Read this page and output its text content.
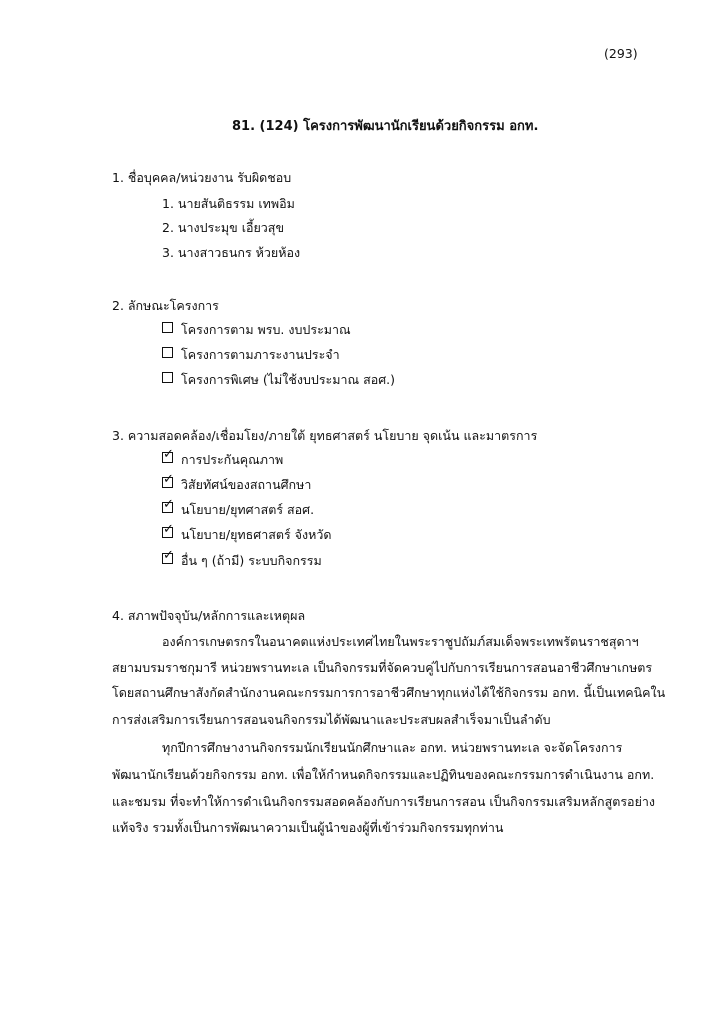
(293)
81. (124) โครงการพัฒนานักเรียนด้วยกิจกรรม อกท.
1. ชื่อบุคคล/หน่วยงาน รับผิดชอบ
1. นายสันติธรรม เทพอิม
2. นางประมุข เอี้ยวสุข
3. นางสาวธนกร ห้วยห้อง
2. ลักษณะโครงการ
โครงการตาม พรบ. งบประมาณ
โครงการตามภาระงานประจำ
โครงการพิเศษ (ไม่ใช้งบประมาณ สอศ.)
3. ความสอดคล้อง/เชื่อมโยง/ภายใต้ ยุทธศาสตร์ นโยบาย จุดเน้น และมาตรการ
✓ การประกันคุณภาพ
✓ วิสัยทัศน์ของสถานศึกษา
✓ นโยบาย/ยุทศาสตร์ สอศ.
✓ นโยบาย/ยุทธศาสตร์ จังหวัด
✓ อื่น ๆ (ถ้ามี) ระบบกิจกรรม
4. สภาพปัจจุบัน/หลักการและเหตุผล
องค์การเกษตรกรในอนาคตแห่งประเทศไทยในพระราชูปถัมภ์สมเด็จพระเทพรัตนราชสุดาฯ
สยามบรมราชกุมารี หน่วยพรานทะเล เป็นกิจกรรมที่จัดควบคู่ไปกับการเรียนการสอนอาชีวศึกษาเกษตร
โดยสถานศึกษาสังกัดสำนักงานคณะกรรมการการอาชีวศึกษาทุกแห่งได้ใช้กิจกรรม อกท. นี้เป็นเทคนิคใน
การส่งเสริมการเรียนการสอนจนกิจกรรมได้พัฒนาและประสบผลสำเร็จมาเป็นลำดับ
ทุกปีการศึกษางานกิจกรรมนักเรียนนักศึกษาและ อกท. หน่วยพรานทะเล จะจัดโครงการ
พัฒนานักเรียนด้วยกิจกรรม อกท. เพื่อให้กำหนดกิจกรรมและปฏิทินของคณะกรรมการดำเนินงาน อกท.
และชมรม ที่จะทำให้การดำเนินกิจกรรมสอดคล้องกับการเรียนการสอน เป็นกิจกรรมเสริมหลักสูตรอย่าง
แท้จริง รวมทั้งเป็นการพัฒนาความเป็นผู้นำของผู้ที่เข้าร่วมกิจกรรมทุกท่าน
